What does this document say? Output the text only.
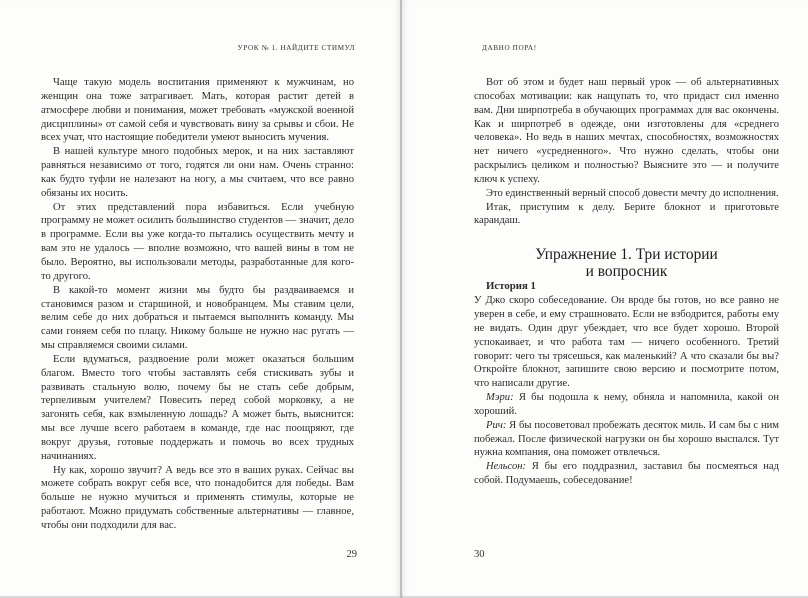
УРОК № 1. НАЙДИТЕ СТИМУЛ

Чаще такую модель воспитания применяют к мужчинам, но женщин она тоже затрагивает. Мать, которая растит детей в атмосфере любви и понимания, может требовать «мужской военной дисциплины» от самой себя и чувствовать вину за срывы и сбои. Не всех учат, что настоящие победители умеют выносить мучения.

В нашей культуре много подобных мерок, и на них заставляют равняться независимо от того, годятся ли они нам. Очень странно: как будто туфли не налезают на ногу, а мы считаем, что все равно обязаны их носить.

От этих представлений пора избавиться. Если учебную программу не может осилить большинство студентов — значит, дело в программе. Если вы уже когда-то пытались осуществить мечту и вам это не удалось — вполне возможно, что вашей вины в том не было. Вероятно, вы использовали методы, разработанные для кого-то другого.

В какой-то момент жизни мы будто бы раздваиваемся и становимся разом и старшиной, и новобранцем. Мы ставим цели, велим себе до них добраться и пытаемся выполнить команду. Мы сами гоняем себя по плацу. Никому больше не нужно нас ругать — мы справляемся своими силами.

Если вдуматься, раздвоение роли может оказаться большим благом. Вместо того чтобы заставлять себя стискивать зубы и развивать стальную волю, почему бы не стать себе добрым, терпеливым учителем? Повесить перед собой морковку, а не загонять себя, как взмыленную лошадь? А может быть, выяснится: мы все лучше всего работаем в команде, где нас поощряют, где вокруг друзья, готовые поддержать и помочь во всех трудных начинаниях.

Ну как, хорошо звучит? А ведь все это в ваших руках. Сейчас вы можете собрать вокруг себя все, что понадобится для победы. Вам больше не нужно мучиться и применять стимулы, которые не работают. Можно придумать собственные альтернативы — главное, чтобы они подходили для вас.

29
ДАВНО ПОРА!

Вот об этом и будет наш первый урок — об альтернативных способах мотивации: как нащупать то, что придаст сил именно вам. Дни ширпотреба в обучающих программах для вас окончены. Как и ширпотреб в одежде, они изготовлены для «среднего человека». Но ведь в наших мечтах, способностях, возможностях нет ничего «усредненного». Что нужно сделать, чтобы они раскрылись целиком и полностью? Выясните это — и получите ключ к успеху.

Это единственный верный способ довести мечту до исполнения.

Итак, приступим к делу. Берите блокнот и приготовьте карандаш.

Упражнение 1. Три истории
и вопросник

История 1

У Джо скоро собеседование. Он вроде бы готов, но все равно не уверен в себе, и ему страшновато. Если не взбодрится, работы ему не видать. Один друг убеждает, что все будет хорошо. Второй успокаивает, и что работа там — ничего особенного. Третий говорит: чего ты трясешься, как маленький? А что сказали бы вы? Откройте блокнот, запишите свою версию и посмотрите потом, что написали другие.

Мэри: Я бы подошла к нему, обняла и напомнила, какой он хороший.

Рич: Я бы посоветовал пробежать десяток миль. И сам бы с ним побежал. После физической нагрузки он бы хорошо выспался. Тут нужна компания, она поможет отвлечься.

Нельсон: Я бы его поддразнил, заставил бы посмеяться над собой. Подумаешь, собеседование!

30
